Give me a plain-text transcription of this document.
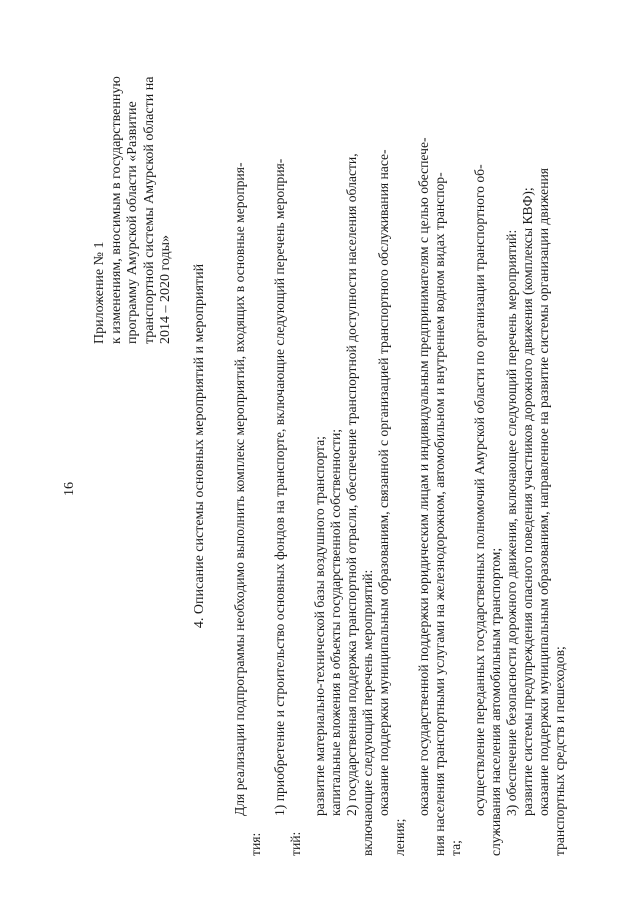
16
Приложение № 1 к изменениям, вносимым в государственную программу Амурской области «Развитие транспортной системы Амурской области на 2014 – 2020 годы» 4. Описание системы основных мероприятий и мероприятий Для реализации подпрограммы необходимо выполнить комплекс мероприятий, входящих в основные мероприя-
тия:
1) приобретение и строительство основных фондов на транспорте, включающие следующий перечень мероприя-
тий:
развитие материально-технической базы воздушного транспорта; капитальные вложения в объекты государственной собственности; 2) государственная поддержка транспортной отрасли, обеспечение транспортной доступности населения области, включающие следующий перечень мероприятий: оказание поддержки муниципальным образованиям, связанной с организацией транспортного обслуживания насе-
ления;
оказание государственной поддержки юридическим лицам и индивидуальным предпринимателям с целью обеспече- ния населения транспортными услугами на железнодорожном, автомобильном и внутреннем водном видах транспор- та;
осуществление переданных государственных полномочий Амурской области по организации транспортного об- служивания населения автомобильным транспортом; 3) обеспечение безопасности дорожного движения, включающее следующий перечень мероприятий: развитие системы предупреждения опасного поведения участников дорожного движения (комплексы КВФ); оказание поддержки муниципальным образованиям, направленное на развитие системы организации движения транспортных средств и пешеходов;
